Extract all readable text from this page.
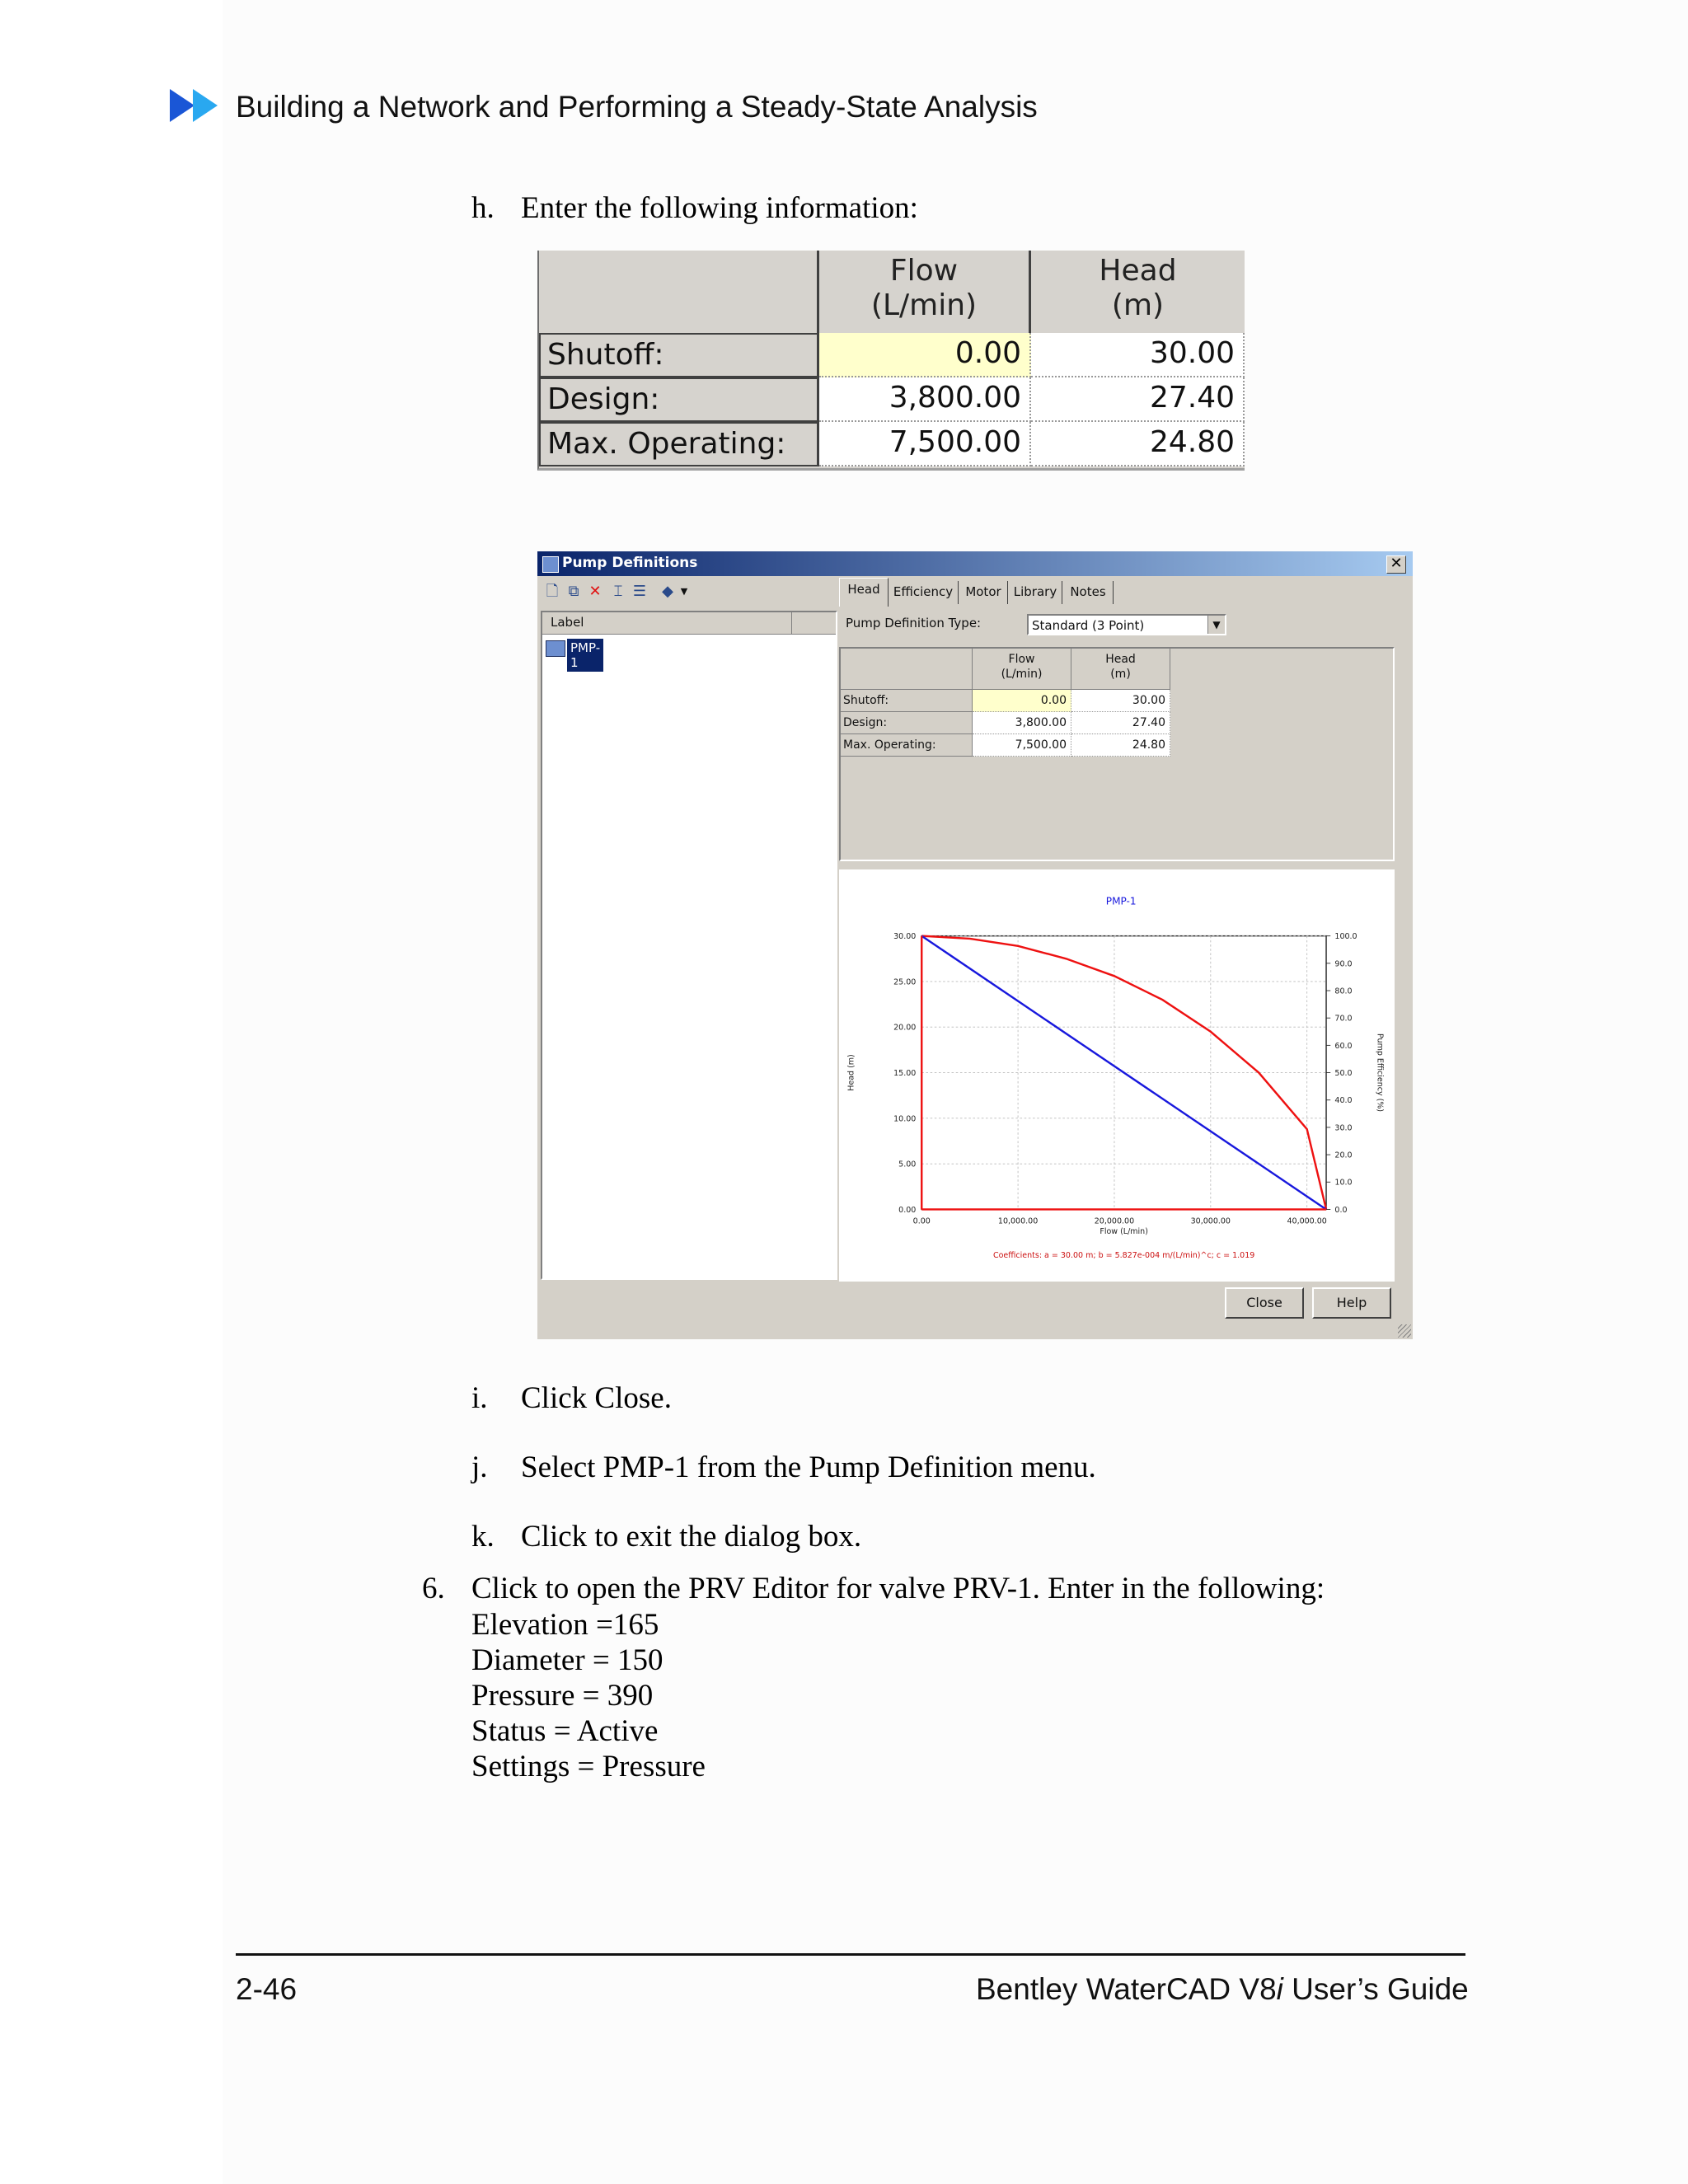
Building a Network and Performing a Steady-State Analysis
h. Enter the following information:
Flow
(L/min)
Head
(m)
Shutoff:	0.00	30.00
Design:	3,800.00	27.40
Max. Operating:	7,500.00	24.80
Pump Definitions	✕
🗋 ⧉ ✕ ⌶ ☰ ◆ ▼
Label
PMP-1
Head	Efficiency	Motor	Library	Notes
Pump Definition Type:	Standard (3 Point)	▼
Flow
(L/min)
Head
(m)
Shutoff:	0.00	30.00
Design:	3,800.00	27.40
Max. Operating:	7,500.00	24.80
PMP-1
0.00	10,000.00	20,000.00	30,000.00	40,000.00
0.00
5.00
10.00
15.00
20.00
25.00
30.00
0.0
10.0
20.0
30.0
40.0
50.0
60.0
70.0
80.0
90.0
100.0
Flow (L/min)
Head (m)	Pump Efficiency (%)
Coefficients: a = 30.00 m; b = 5.827e-004 m/(L/min)^c; c = 1.019
Close	Help
i. Click Close.
j. Select PMP-1 from the Pump Definition menu.
k. Click to exit the dialog box.
6. Click to open the PRV Editor for valve PRV-1. Enter in the following:
Elevation =165
Diameter = 150
Pressure = 390
Status = Active
Settings = Pressure
2-46	Bentley WaterCAD V8i User’s Guide
